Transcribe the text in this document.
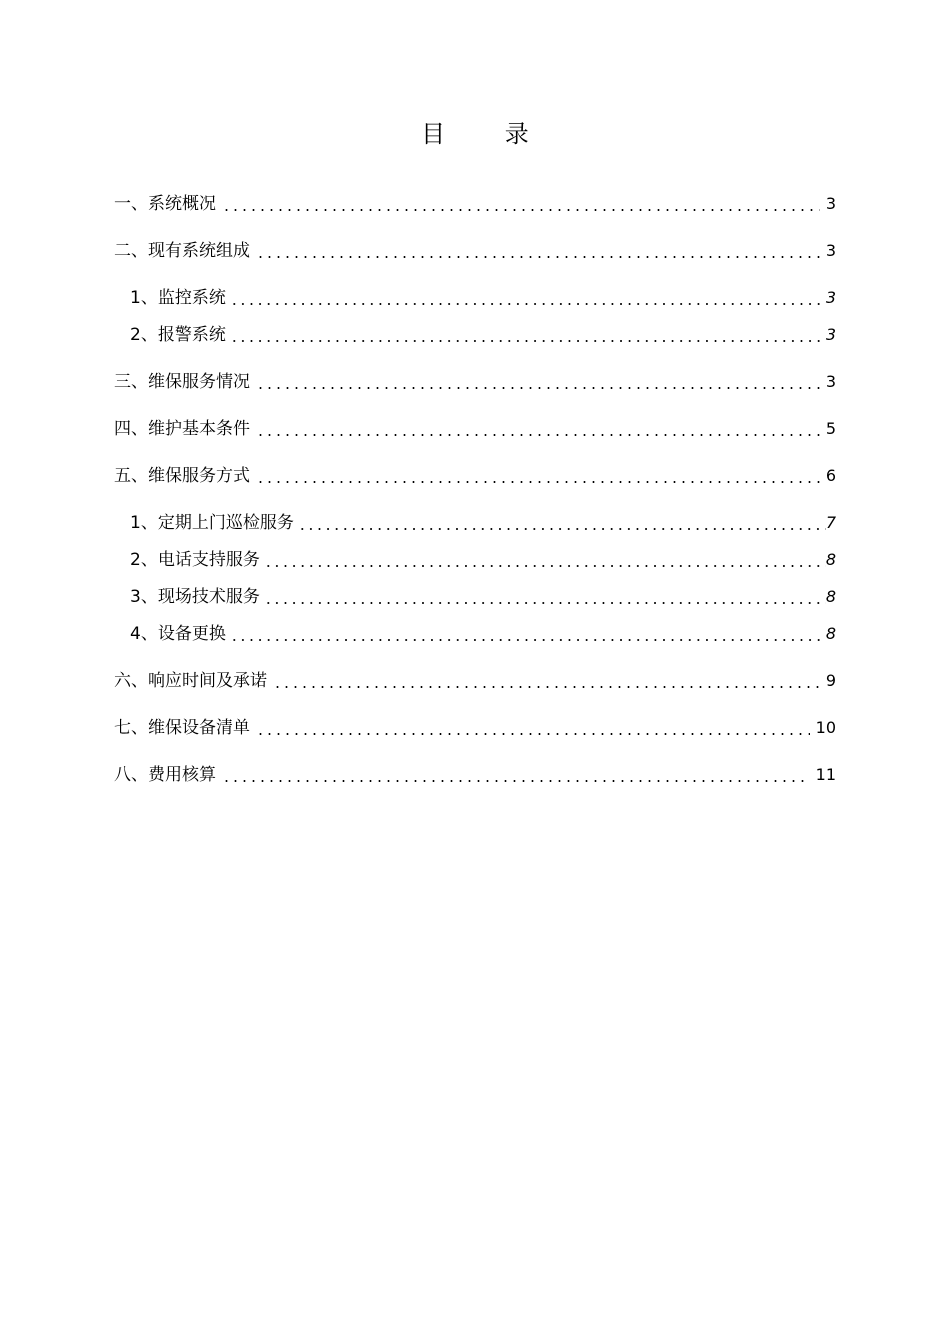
目 录
一、系统概况	3
二、现有系统组成	3
1、监控系统	3
2、报警系统	3
三、维保服务情况	3
四、维护基本条件	5
五、维保服务方式	6
1、定期上门巡检服务	7
2、电话支持服务	8
3、现场技术服务	8
4、设备更换	8
六、响应时间及承诺	9
七、维保设备清单	10
八、费用核算	11
